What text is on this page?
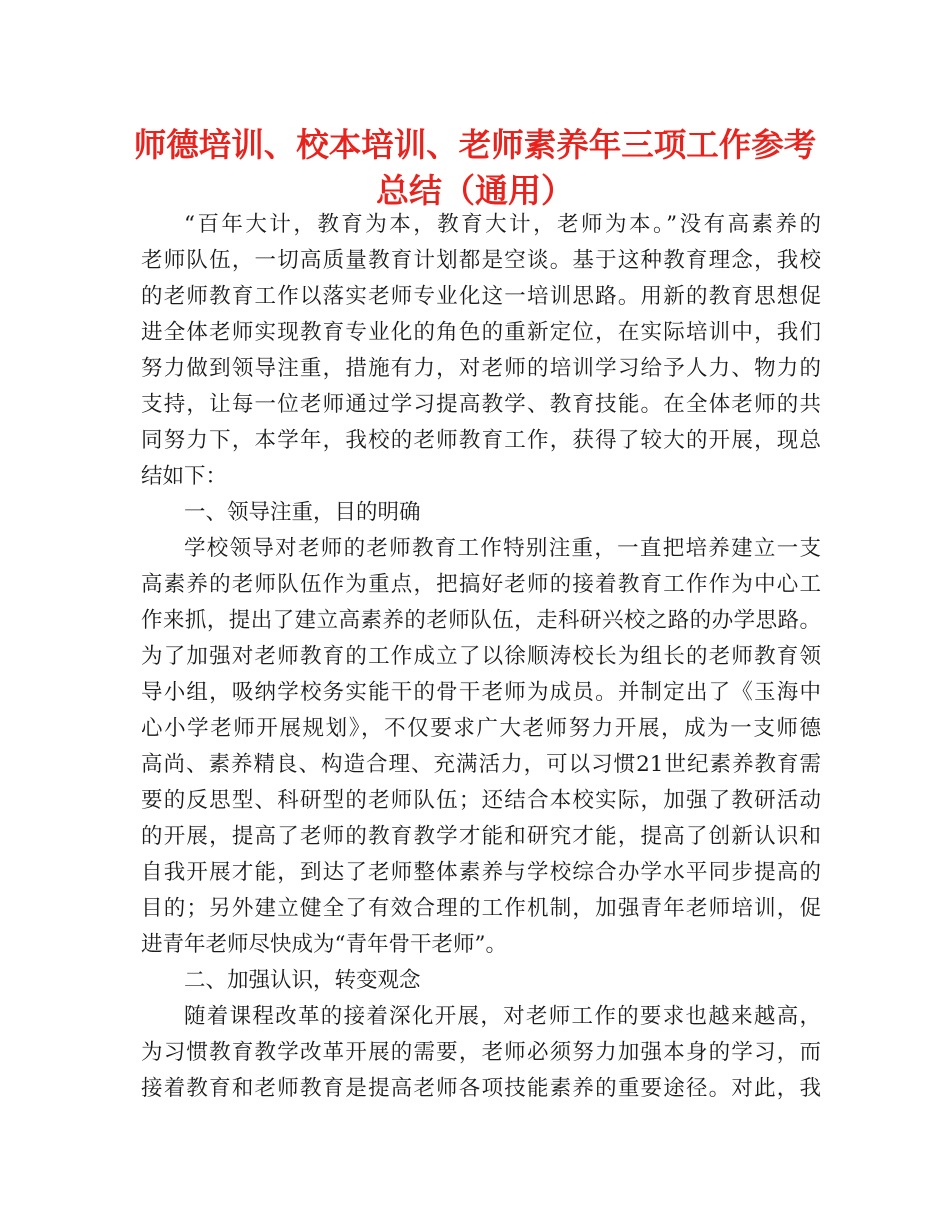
师德培训、校本培训、老师素养年三项工作参考
总结（通用）

“百年大计，教育为本，教育大计，老师为本。”没有高素养的

老师队伍，一切高质量教育计划都是空谈。基于这种教育理念，我校

的老师教育工作以落实老师专业化这一培训思路。用新的教育思想促

进全体老师实现教育专业化的角色的重新定位，在实际培训中，我们

努力做到领导注重，措施有力，对老师的培训学习给予人力、物力的

支持，让每一位老师通过学习提高教学、教育技能。在全体老师的共

同努力下，本学年，我校的老师教育工作，获得了较大的开展，现总

结如下：

一、领导注重，目的明确

学校领导对老师的老师教育工作特别注重，一直把培养建立一支

高素养的老师队伍作为重点，把搞好老师的接着教育工作作为中心工

作来抓，提出了建立高素养的老师队伍，走科研兴校之路的办学思路。

为了加强对老师教育的工作成立了以徐顺涛校长为组长的老师教育领

导小组，吸纳学校务实能干的骨干老师为成员。并制定出了《玉海中

心小学老师开展规划》，不仅要求广大老师努力开展，成为一支师德

高尚、素养精良、构造合理、充满活力，可以习惯21世纪素养教育需

要的反思型、科研型的老师队伍；还结合本校实际，加强了教研活动

的开展，提高了老师的教育教学才能和研究才能，提高了创新认识和

自我开展才能，到达了老师整体素养与学校综合办学水平同步提高的

目的；另外建立健全了有效合理的工作机制，加强青年老师培训，促

进青年老师尽快成为“青年骨干老师”。

二、加强认识，转变观念

随着课程改革的接着深化开展，对老师工作的要求也越来越高，

为习惯教育教学改革开展的需要，老师必须努力加强本身的学习，而

接着教育和老师教育是提高老师各项技能素养的重要途径。对此，我
